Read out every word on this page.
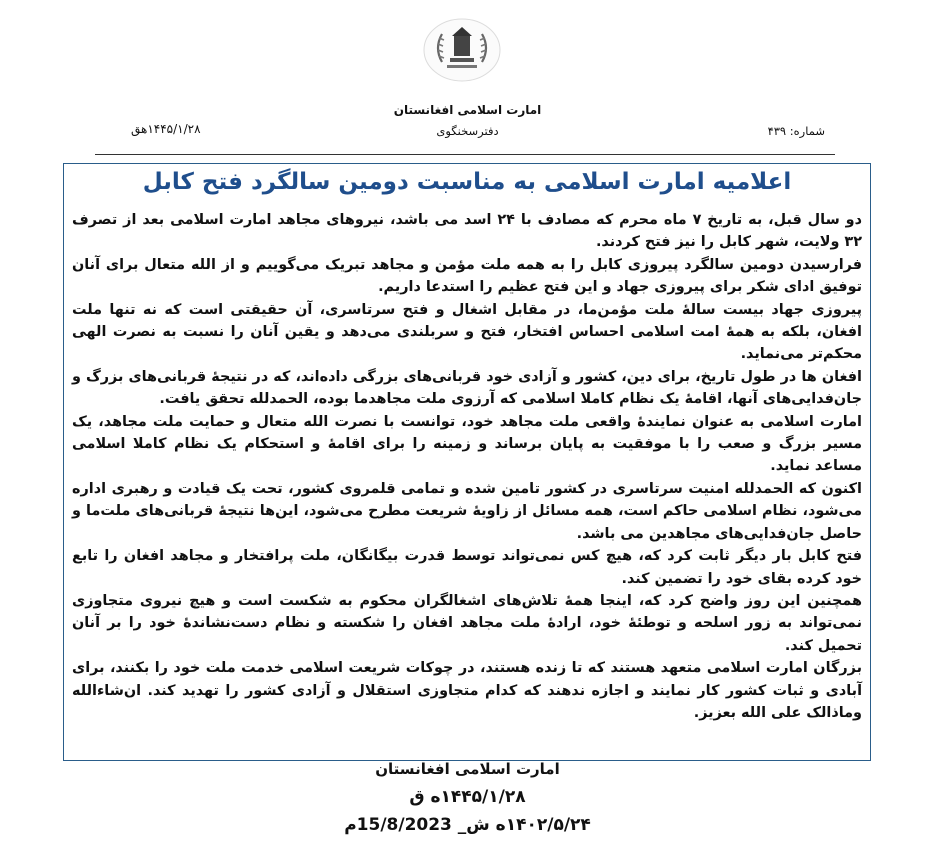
امارت اسلامی افغانستان
دفترسخنگوی	شماره: ۴۳۹
۱۴۴۵/۱/۲۸هق
اعلامیه امارت اسلامی به مناسبت دومین سالگرد فتح کابل

دو سال قبل، به تاریخ ۷ ماه محرم که مصادف با ۲۴ اسد می باشد، نیروهای مجاهد امارت اسلامی بعد از تصرف ۳۲ ولایت، شهر کابل را نیز فتح کردند.

فرارسیدن دومین سالگرد پیروزی کابل را به همه ملت مؤمن و مجاهد تبریک می‌گوییم و از الله متعال برای آنان توفیق ادای شکر برای پیروزی جهاد و این فتح عظیم را استدعا داریم.

پیروزی جهاد بیست سالهٔ ملت مؤمن‌ما، در مقابل اشغال و فتح سرتاسری، آن حقیقتی است که نه تنها ملت افغان، بلکه به همهٔ امت اسلامی احساس افتخار، فتح و سربلندی می‌دهد و یقین آنان را نسبت به نصرت الهی محکم‌تر می‌نماید.

افغان ها در طول تاریخ، برای دین، کشور و آزادی خود قربانی‌های بزرگی داده‌اند، که در نتیجهٔ قربانی‌های بزرگ و جان‌فدایی‌های آنها، اقامهٔ یک نظام کاملا اسلامی که آرزوی ملت مجاهدما بوده، الحمدلله تحقق یافت.

امارت اسلامی به عنوان نمایندهٔ واقعی ملت مجاهد خود، توانست با نصرت الله متعال و حمایت ملت مجاهد، یک مسیر بزرگ و صعب را با موفقیت به پایان برساند و زمینه را برای اقامهٔ و استحکام یک نظام کاملا اسلامی مساعد نماید.

اکنون که الحمدلله امنیت سرتاسری در کشور تامین شده و تمامی قلمروی کشور، تحت یک قیادت و رهبری اداره می‌شود، نظام اسلامی حاکم است، همه مسائل از زاویهٔ شریعت مطرح می‌شود، این‌ها نتیجهٔ قربانی‌های ملت‌ما و حاصل جان‌فدایی‌های مجاهدین می باشد.

فتح کابل بار دیگر ثابت کرد که، هیچ کس نمی‌تواند توسط قدرت بیگانگان، ملت پرافتخار و مجاهد افغان را تابع خود کرده بقای خود را تضمین کند.

همچنین این روز واضح کرد که، اینجا همهٔ تلاش‌های اشغالگران محکوم به شکست است و هیچ نیروی متجاوزی نمی‌تواند به زور اسلحه و توطئهٔ خود، ارادهٔ ملت مجاهد افغان را شکسته و نظام دست‌نشاندهٔ خود را بر آنان تحمیل کند.

بزرگان امارت اسلامی متعهد هستند که تا زنده هستند، در چوکات شریعت اسلامی خدمت ملت خود را بکنند، برای آبادی و ثبات کشور کار نمایند و اجازه ندهند که کدام متجاوزی استقلال و آزادی کشور را تهدید کند. ان‌شاءالله وماذالک علی الله بعزیز.

امارت اسلامی افغانستان
۱۴۴۵/۱/۲۸ه ق
۱۴۰۲/۵/۲۴ه ش_ 15/8/2023م
